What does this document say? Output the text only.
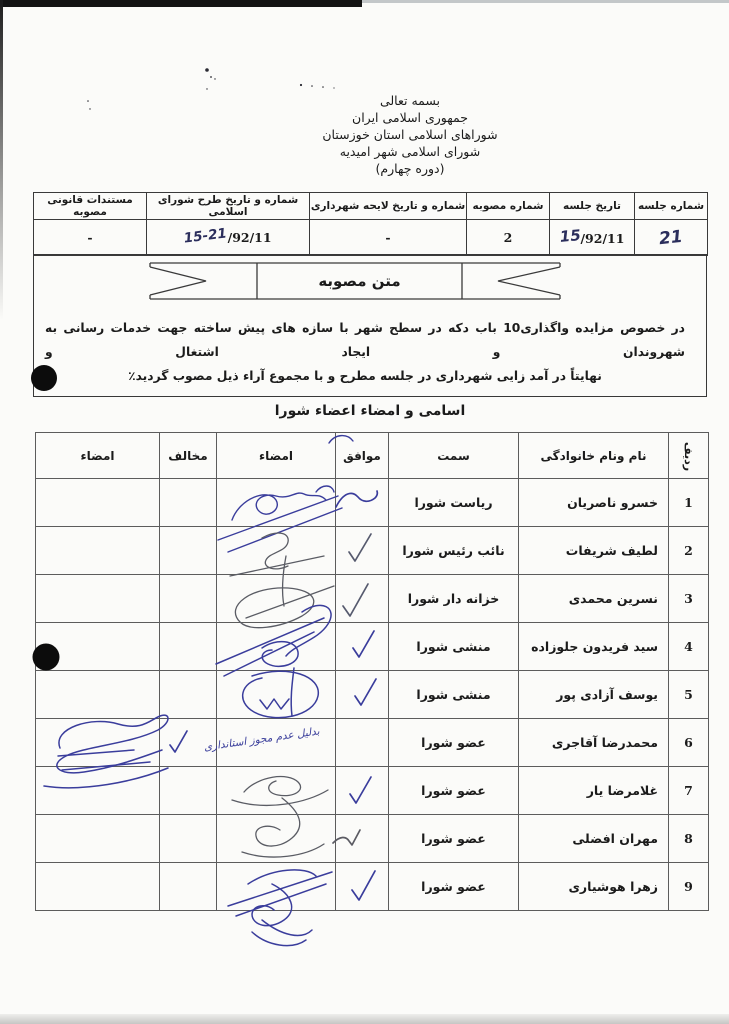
بسمه تعالی
جمهوری اسلامی ایران
شوراهای اسلامی استان خوزستان
شورای اسلامی شهر امیدیه
(دوره چهارم)
شماره جلسه	تاریخ جلسه	شماره مصوبه	شماره و تاریخ لایحه شهرداری	شماره و تاریخ طرح شورای اسلامی	مستندات قانونی مصوبه
21	92/11/15	2	-	92/11/15-21	-
متن مصوبه
در خصوص مزایده واگذاری10 باب دکه در سطح شهر با سازه های پیش ساخته جهت خدمات رسانی به شهروندان و ایجاد اشتغال و
نهایتاً در آمد زایی شهرداری در جلسه مطرح و با مجموع آراء ذیل مصوب گردید٪
اسامی و امضاء اعضاء شورا
ردیف	نام ونام خانوادگی	سمت	موافق	امضاء	مخالف	امضاء
1	خسرو ناصریان	ریاست شورا				
2	لطیف شریفات	نائب رئیس شورا				
3	نسرین محمدی	خزانه دار شورا				
4	سید فریدون جلوزاده	منشی شورا				
5	یوسف آزادی پور	منشی شورا				
6	محمدرضا آقاجری	عضو شورا				
7	غلامرضا یار	عضو شورا				
8	مهران افضلی	عضو شورا				
9	زهرا هوشیاری	عضو شورا				
بدلیل عدم مجوز استانداری
